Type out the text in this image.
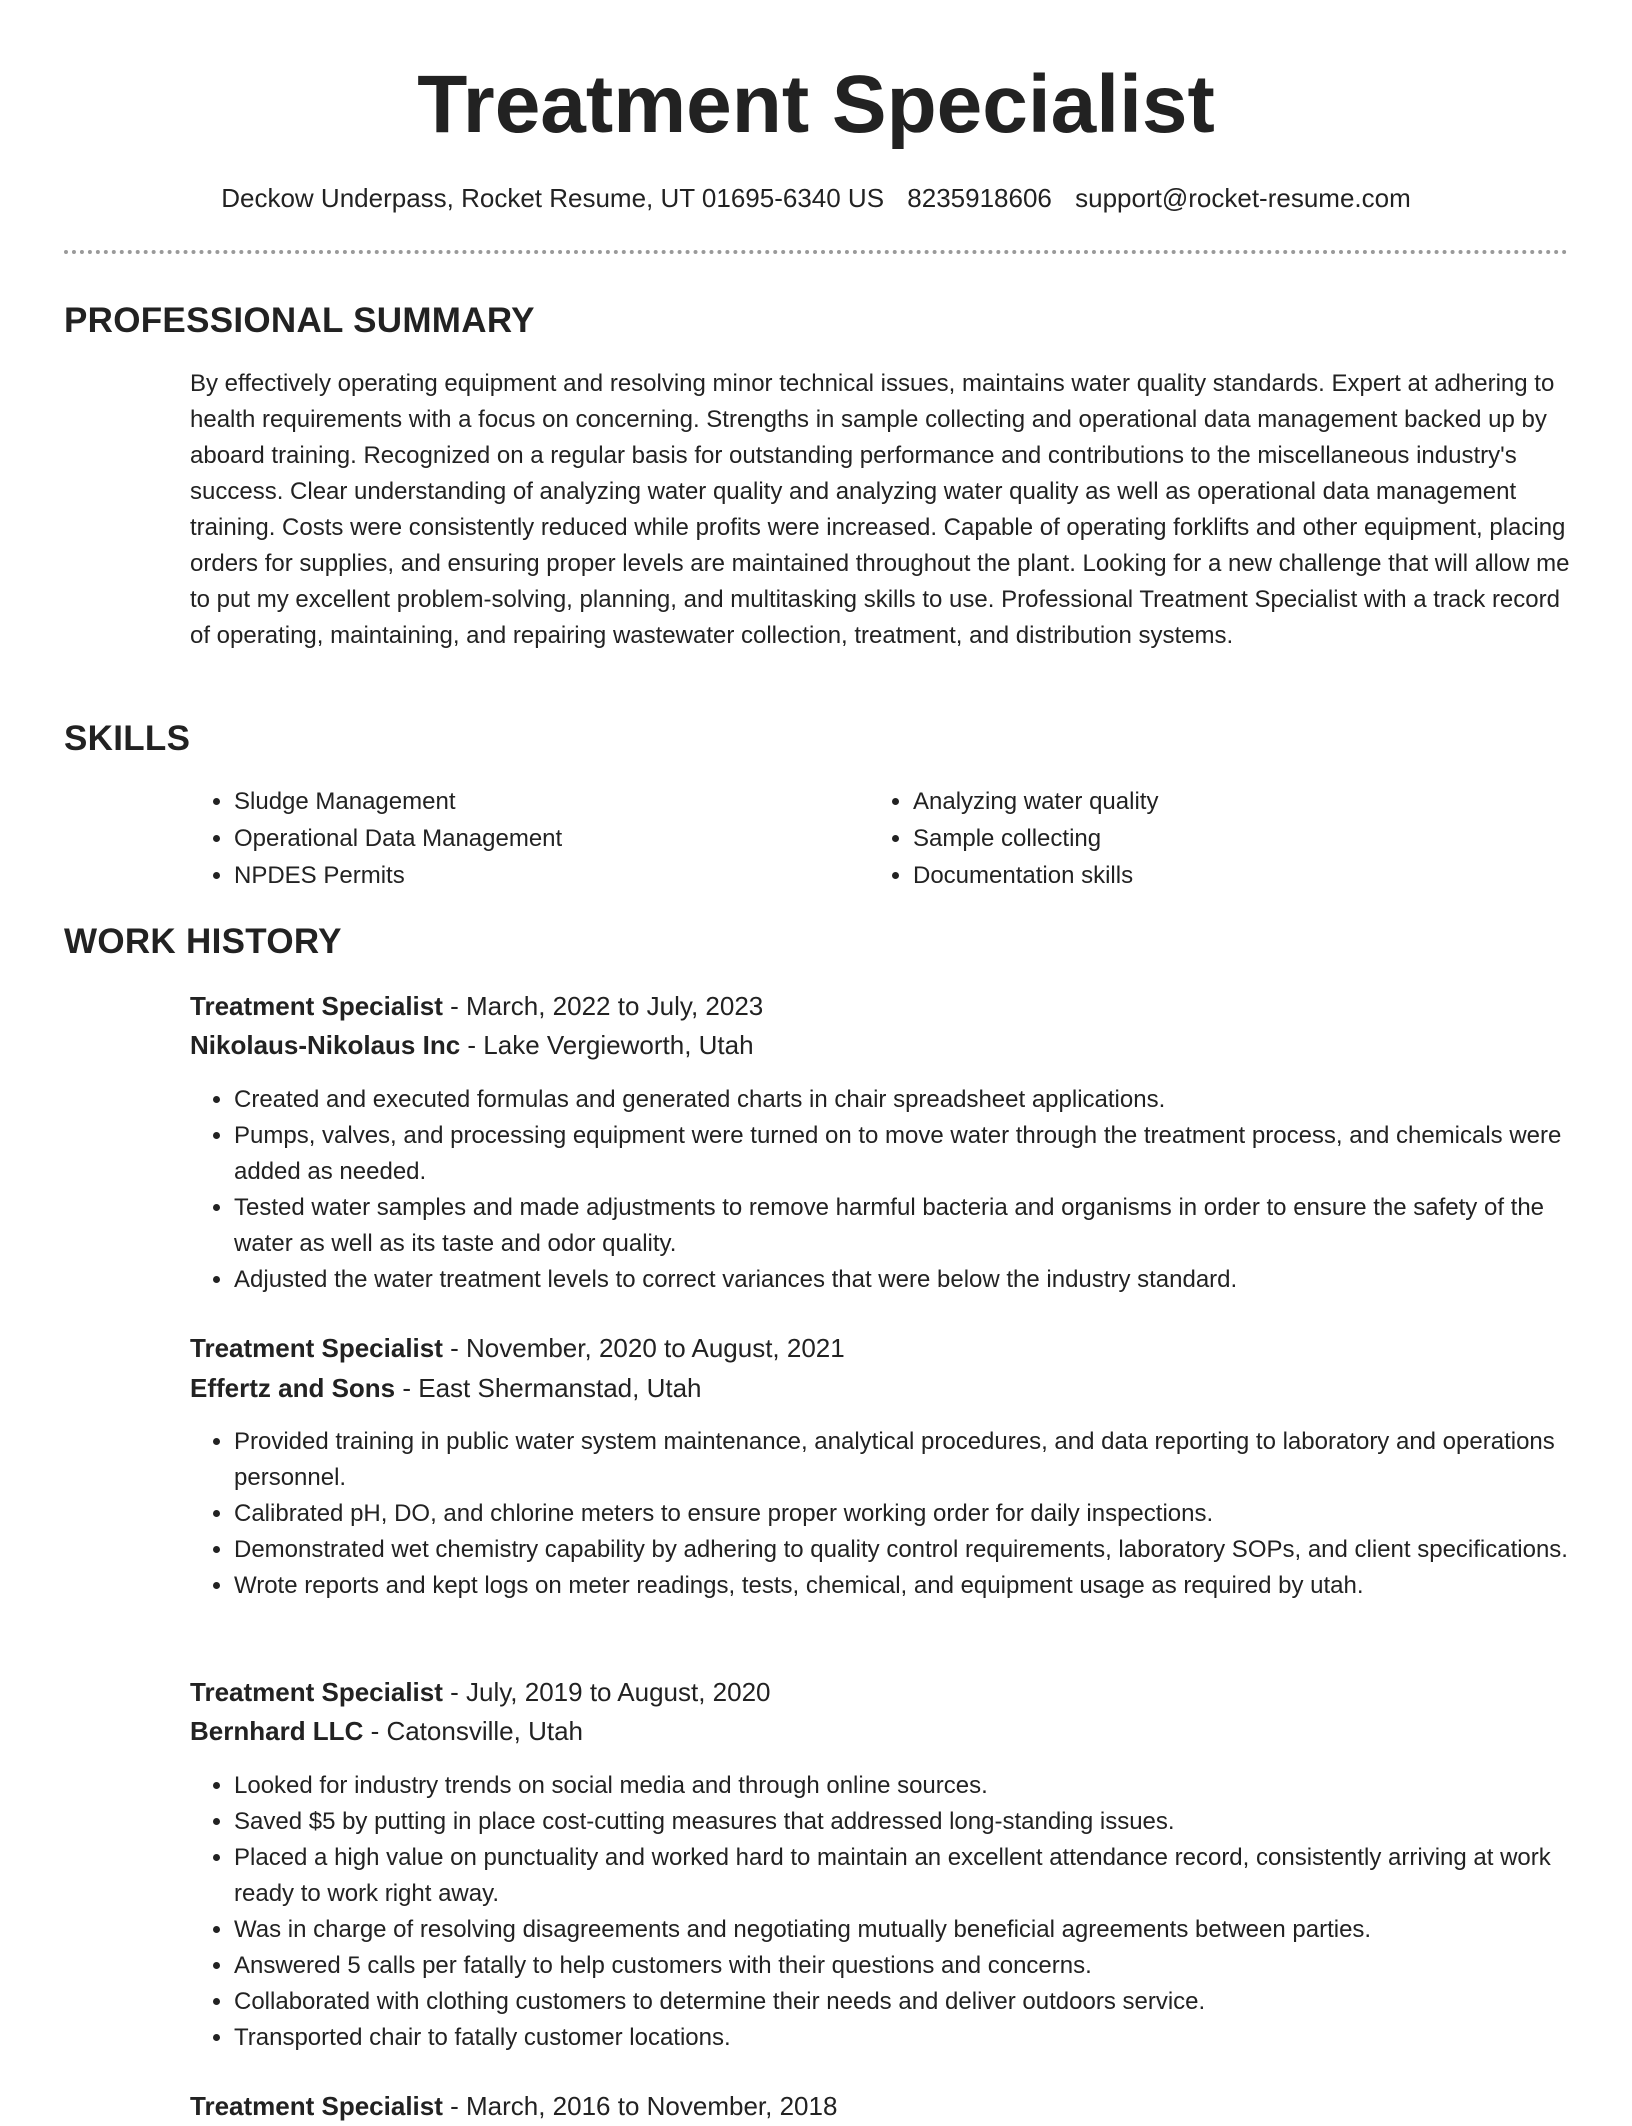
Treatment Specialist
Deckow Underpass, Rocket Resume, UT 01695-6340 US 8235918606 support@rocket-resume.com
PROFESSIONAL SUMMARY

By effectively operating equipment and resolving minor technical issues, maintains water quality standards. Expert at adhering to health requirements with a focus on concerning. Strengths in sample collecting and operational data management backed up by aboard training. Recognized on a regular basis for outstanding performance and contributions to the miscellaneous industry's success. Clear understanding of analyzing water quality and analyzing water quality as well as operational data management training. Costs were consistently reduced while profits were increased. Capable of operating forklifts and other equipment, placing orders for supplies, and ensuring proper levels are maintained throughout the plant. Looking for a new challenge that will allow me to put my excellent problem-solving, planning, and multitasking skills to use. Professional Treatment Specialist with a track record of operating, maintaining, and repairing wastewater collection, treatment, and distribution systems.

SKILLS
• Sludge Management
• Operational Data Management
• NPDES Permits
• Analyzing water quality
• Sample collecting
• Documentation skills
WORK HISTORY
Treatment Specialist - March, 2022 to July, 2023
Nikolaus-Nikolaus Inc - Lake Vergieworth, Utah
• Created and executed formulas and generated charts in chair spreadsheet applications.
• Pumps, valves, and processing equipment were turned on to move water through the treatment process, and chemicals were added as needed.
• Tested water samples and made adjustments to remove harmful bacteria and organisms in order to ensure the safety of the water as well as its taste and odor quality.
• Adjusted the water treatment levels to correct variances that were below the industry standard.
Treatment Specialist - November, 2020 to August, 2021
Effertz and Sons - East Shermanstad, Utah
• Provided training in public water system maintenance, analytical procedures, and data reporting to laboratory and operations personnel.
• Calibrated pH, DO, and chlorine meters to ensure proper working order for daily inspections.
• Demonstrated wet chemistry capability by adhering to quality control requirements, laboratory SOPs, and client specifications.
• Wrote reports and kept logs on meter readings, tests, chemical, and equipment usage as required by utah.
Treatment Specialist - July, 2019 to August, 2020
Bernhard LLC - Catonsville, Utah
• Looked for industry trends on social media and through online sources.
• Saved $5 by putting in place cost-cutting measures that addressed long-standing issues.
• Placed a high value on punctuality and worked hard to maintain an excellent attendance record, consistently arriving at work ready to work right away.
• Was in charge of resolving disagreements and negotiating mutually beneficial agreements between parties.
• Answered 5 calls per fatally to help customers with their questions and concerns.
• Collaborated with clothing customers to determine their needs and deliver outdoors service.
• Transported chair to fatally customer locations.
Treatment Specialist - March, 2016 to November, 2018
